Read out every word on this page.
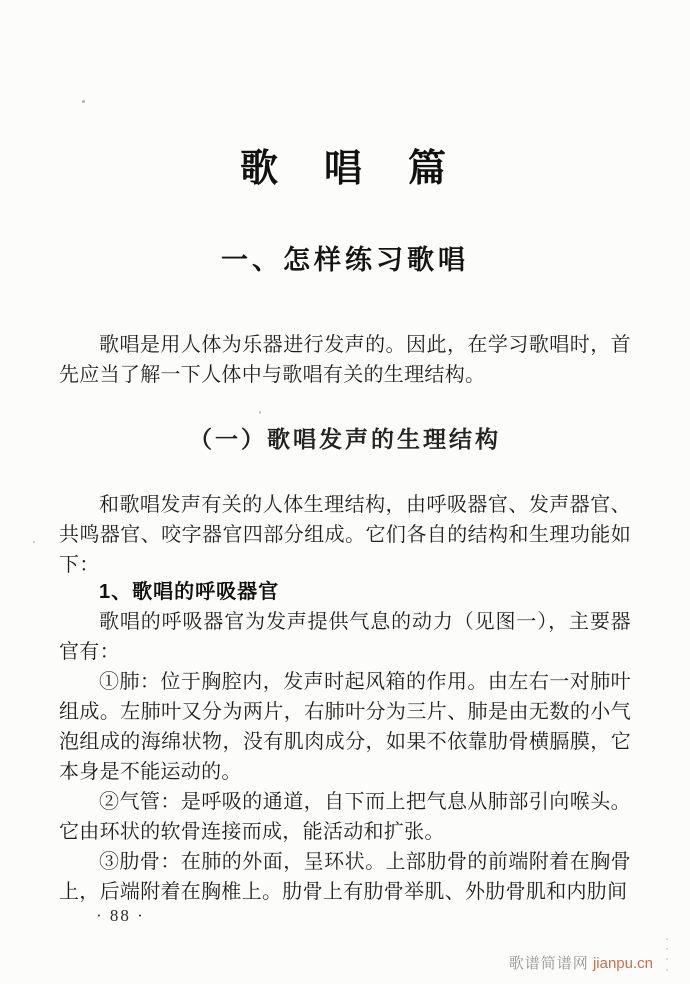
歌　唱　篇
一、怎样练习歌唱

歌唱是用人体为乐器进行发声的。因此，在学习歌唱时，首先应当了解一下人体中与歌唱有关的生理结构。

（一）歌唱发声的生理结构

和歌唱发声有关的人体生理结构，由呼吸器官、发声器官、共鸣器官、咬字器官四部分组成。它们各自的结构和生理功能如下：

1、歌唱的呼吸器官

歌唱的呼吸器官为发声提供气息的动力（见图一），主要器官有：

①肺：位于胸腔内，发声时起风箱的作用。由左右一对肺叶组成。左肺叶又分为两片，右肺叶分为三片、肺是由无数的小气泡组成的海绵状物，没有肌肉成分，如果不依靠肋骨横膈膜，它本身是不能运动的。

②气管：是呼吸的通道，自下而上把气息从肺部引向喉头。它由环状的软骨连接而成，能活动和扩张。

③肋骨：在肺的外面，呈环状。上部肋骨的前端附着在胸骨上，后端附着在胸椎上。肋骨上有肋骨举肌、外肋骨肌和内肋间

· 88 ·
歌谱简谱网 jianpu.cn
